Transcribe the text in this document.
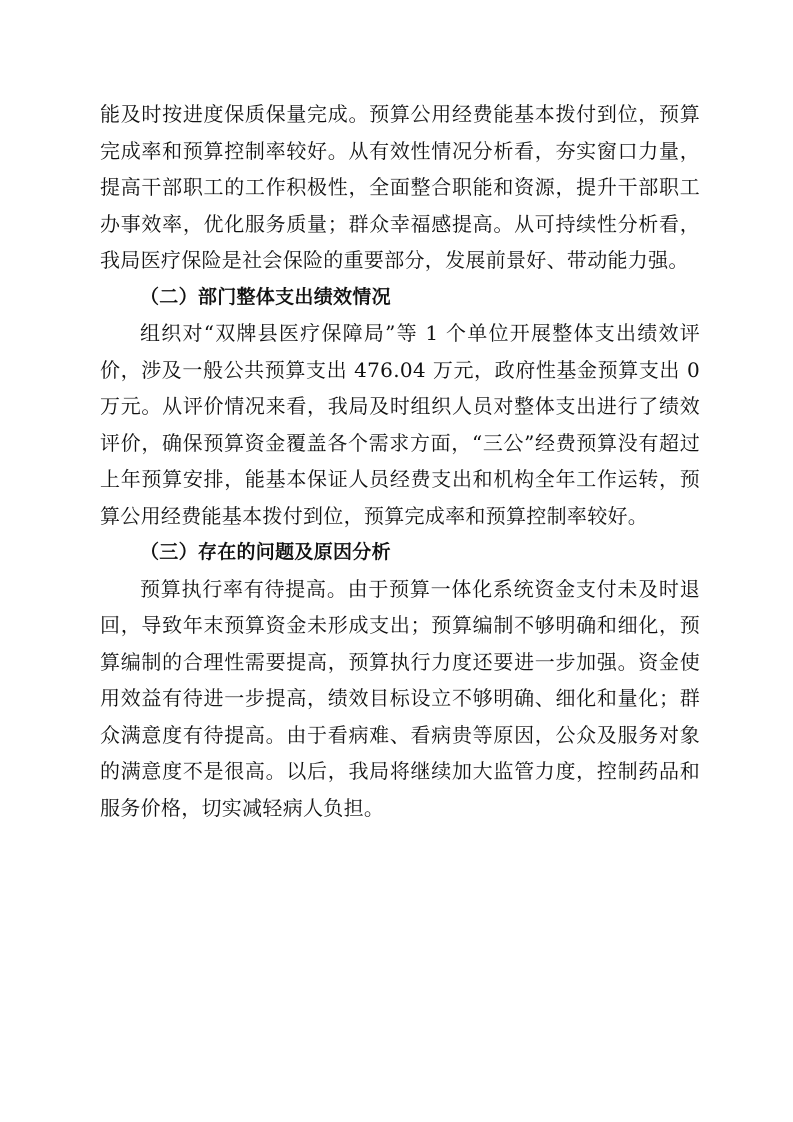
能及时按进度保质保量完成。预算公用经费能基本拨付到位，预算完成率和预算控制率较好。从有效性情况分析看，夯实窗口力量，提高干部职工的工作积极性，全面整合职能和资源，提升干部职工办事效率，优化服务质量；群众幸福感提高。从可持续性分析看，我局医疗保险是社会保险的重要部分，发展前景好、带动能力强。

（二）部门整体支出绩效情况

组织对“双牌县医疗保障局”等 1 个单位开展整体支出绩效评价，涉及一般公共预算支出 476.04 万元，政府性基金预算支出 0 万元。从评价情况来看，我局及时组织人员对整体支出进行了绩效评价，确保预算资金覆盖各个需求方面，“三公”经费预算没有超过上年预算安排，能基本保证人员经费支出和机构全年工作运转，预算公用经费能基本拨付到位，预算完成率和预算控制率较好。

（三）存在的问题及原因分析

预算执行率有待提高。由于预算一体化系统资金支付未及时退回，导致年末预算资金未形成支出；预算编制不够明确和细化，预算编制的合理性需要提高，预算执行力度还要进一步加强。资金使用效益有待进一步提高，绩效目标设立不够明确、细化和量化；群众满意度有待提高。由于看病难、看病贵等原因，公众及服务对象的满意度不是很高。以后，我局将继续加大监管力度，控制药品和服务价格，切实减轻病人负担。
